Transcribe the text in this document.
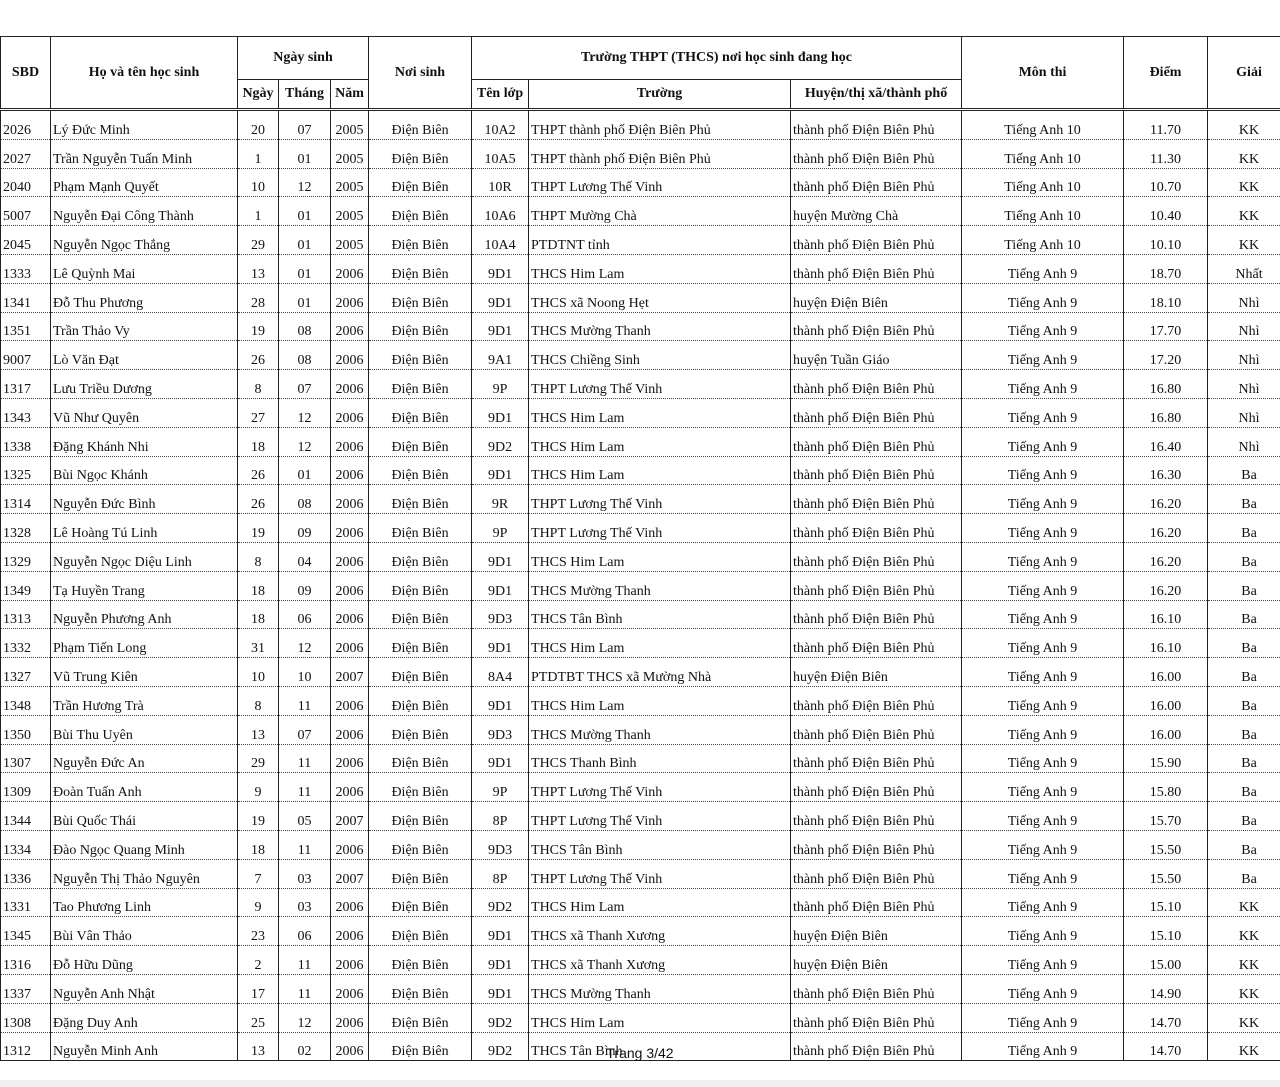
SBD	Họ và tên học sinh	Ngày sinh			Nơi sinh	Trường THPT (THCS) nơi học sinh đang học			Môn thi	Điểm	Giải
		Ngày	Tháng	Năm		Tên lớp	Trường	Huyện/thị xã/thành phố			
2026	Lý Đức Minh	20	07	2005	Điện Biên	10A2	THPT thành phố Điện Biên Phủ	thành phố Điện Biên Phủ	Tiếng Anh 10	11.70	KK
2027	Trần Nguyễn Tuấn Minh	1	01	2005	Điện Biên	10A5	THPT thành phố Điện Biên Phủ	thành phố Điện Biên Phủ	Tiếng Anh 10	11.30	KK
2040	Phạm Mạnh Quyết	10	12	2005	Điện Biên	10R	THPT Lương Thế Vinh	thành phố Điện Biên Phủ	Tiếng Anh 10	10.70	KK
5007	Nguyễn Đại Công Thành	1	01	2005	Điện Biên	10A6	THPT Mường Chà	huyện Mường Chà	Tiếng Anh 10	10.40	KK
2045	Nguyễn Ngọc Thắng	29	01	2005	Điện Biên	10A4	PTDTNT tỉnh	thành phố Điện Biên Phủ	Tiếng Anh 10	10.10	KK
1333	Lê Quỳnh Mai	13	01	2006	Điện Biên	9D1	THCS Him Lam	thành phố Điện Biên Phủ	Tiếng Anh 9	18.70	Nhất
1341	Đỗ Thu Phương	28	01	2006	Điện Biên	9D1	THCS xã Noong Hẹt	huyện Điện Biên	Tiếng Anh 9	18.10	Nhì
1351	Trần Thảo Vy	19	08	2006	Điện Biên	9D1	THCS Mường Thanh	thành phố Điện Biên Phủ	Tiếng Anh 9	17.70	Nhì
9007	Lò Văn Đạt	26	08	2006	Điện Biên	9A1	THCS Chiềng Sinh	huyện Tuần Giáo	Tiếng Anh 9	17.20	Nhì
1317	Lưu Triều Dương	8	07	2006	Điện Biên	9P	THPT Lương Thế Vinh	thành phố Điện Biên Phủ	Tiếng Anh 9	16.80	Nhì
1343	Vũ Như Quyên	27	12	2006	Điện Biên	9D1	THCS Him Lam	thành phố Điện Biên Phủ	Tiếng Anh 9	16.80	Nhì
1338	Đặng Khánh Nhi	18	12	2006	Điện Biên	9D2	THCS Him Lam	thành phố Điện Biên Phủ	Tiếng Anh 9	16.40	Nhì
1325	Bùi Ngọc Khánh	26	01	2006	Điện Biên	9D1	THCS Him Lam	thành phố Điện Biên Phủ	Tiếng Anh 9	16.30	Ba
1314	Nguyễn Đức Bình	26	08	2006	Điện Biên	9R	THPT Lương Thế Vinh	thành phố Điện Biên Phủ	Tiếng Anh 9	16.20	Ba
1328	Lê Hoàng Tú Linh	19	09	2006	Điện Biên	9P	THPT Lương Thế Vinh	thành phố Điện Biên Phủ	Tiếng Anh 9	16.20	Ba
1329	Nguyễn Ngọc Diệu Linh	8	04	2006	Điện Biên	9D1	THCS Him Lam	thành phố Điện Biên Phủ	Tiếng Anh 9	16.20	Ba
1349	Tạ Huyền Trang	18	09	2006	Điện Biên	9D1	THCS Mường Thanh	thành phố Điện Biên Phủ	Tiếng Anh 9	16.20	Ba
1313	Nguyễn Phương Anh	18	06	2006	Điện Biên	9D3	THCS Tân Bình	thành phố Điện Biên Phủ	Tiếng Anh 9	16.10	Ba
1332	Phạm Tiến Long	31	12	2006	Điện Biên	9D1	THCS Him Lam	thành phố Điện Biên Phủ	Tiếng Anh 9	16.10	Ba
1327	Vũ Trung Kiên	10	10	2007	Điện Biên	8A4	PTDTBT THCS xã Mường Nhà	huyện Điện Biên	Tiếng Anh 9	16.00	Ba
1348	Trần Hương Trà	8	11	2006	Điện Biên	9D1	THCS Him Lam	thành phố Điện Biên Phủ	Tiếng Anh 9	16.00	Ba
1350	Bùi Thu Uyên	13	07	2006	Điện Biên	9D3	THCS Mường Thanh	thành phố Điện Biên Phủ	Tiếng Anh 9	16.00	Ba
1307	Nguyễn Đức An	29	11	2006	Điện Biên	9D1	THCS Thanh Bình	thành phố Điện Biên Phủ	Tiếng Anh 9	15.90	Ba
1309	Đoàn Tuấn Anh	9	11	2006	Điện Biên	9P	THPT Lương Thế Vinh	thành phố Điện Biên Phủ	Tiếng Anh 9	15.80	Ba
1344	Bùi Quốc Thái	19	05	2007	Điện Biên	8P	THPT Lương Thế Vinh	thành phố Điện Biên Phủ	Tiếng Anh 9	15.70	Ba
1334	Đào Ngọc Quang Minh	18	11	2006	Điện Biên	9D3	THCS Tân Bình	thành phố Điện Biên Phủ	Tiếng Anh 9	15.50	Ba
1336	Nguyễn Thị Thảo Nguyên	7	03	2007	Điện Biên	8P	THPT Lương Thế Vinh	thành phố Điện Biên Phủ	Tiếng Anh 9	15.50	Ba
1331	Tao Phương Linh	9	03	2006	Điện Biên	9D2	THCS Him Lam	thành phố Điện Biên Phủ	Tiếng Anh 9	15.10	KK
1345	Bùi Vân Thảo	23	06	2006	Điện Biên	9D1	THCS xã Thanh Xương	huyện Điện Biên	Tiếng Anh 9	15.10	KK
1316	Đỗ Hữu Dũng	2	11	2006	Điện Biên	9D1	THCS xã Thanh Xương	huyện Điện Biên	Tiếng Anh 9	15.00	KK
1337	Nguyễn Anh Nhật	17	11	2006	Điện Biên	9D1	THCS Mường Thanh	thành phố Điện Biên Phủ	Tiếng Anh 9	14.90	KK
1308	Đặng Duy Anh	25	12	2006	Điện Biên	9D2	THCS Him Lam	thành phố Điện Biên Phủ	Tiếng Anh 9	14.70	KK
1312	Nguyễn Minh Anh	13	02	2006	Điện Biên	9D2	THCS Tân Bình	thành phố Điện Biên Phủ	Tiếng Anh 9	14.70	KK
Trang 3/42
